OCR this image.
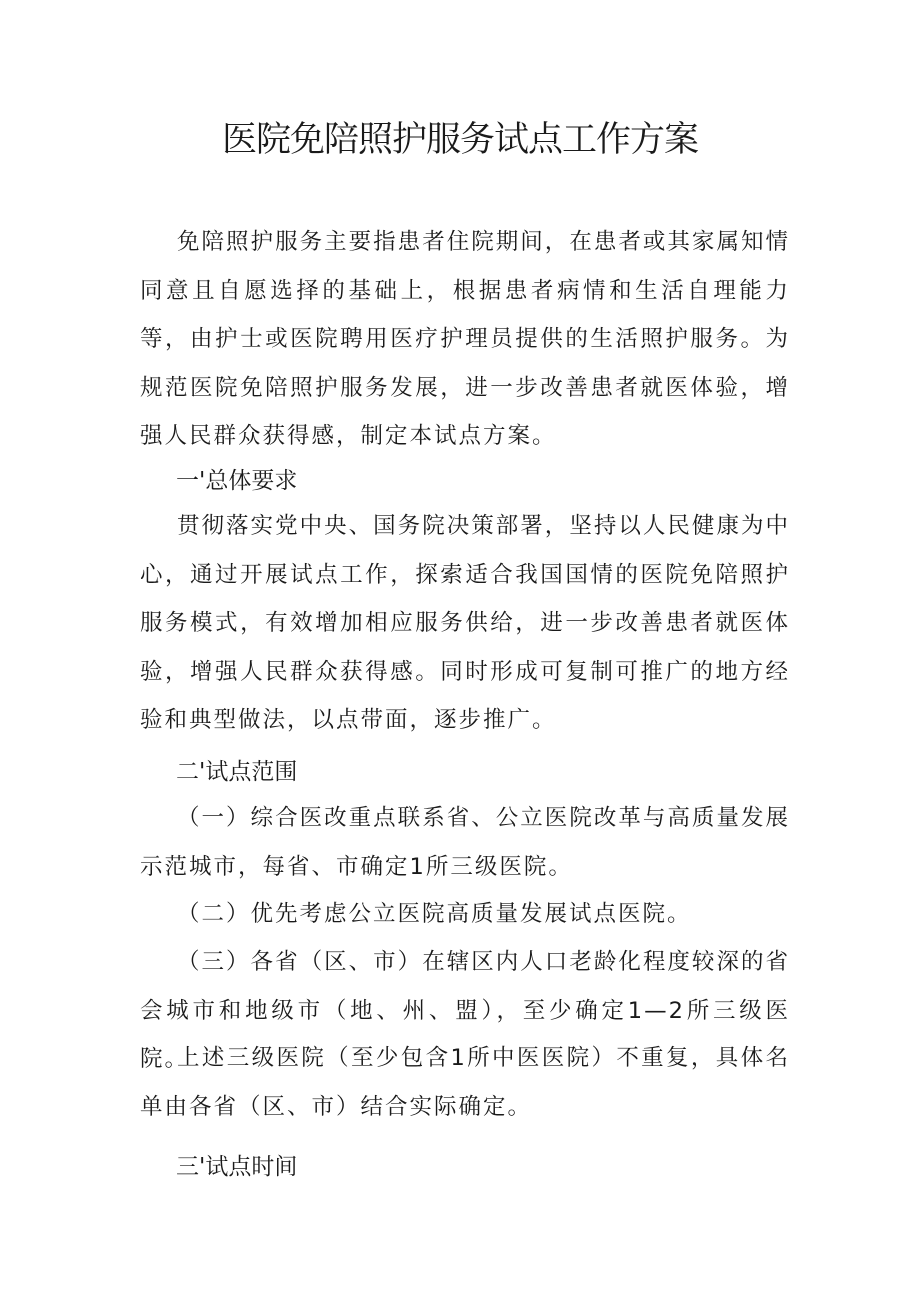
医院免陪照护服务试点工作方案

免陪照护服务主要指患者住院期间，在患者或其家属知情同意且自愿选择的基础上，根据患者病情和生活自理能力等，由护士或医院聘用医疗护理员提供的生活照护服务。为规范医院免陪照护服务发展，进一步改善患者就医体验，增强人民群众获得感，制定本试点方案。

一'总体要求

贯彻落实党中央、国务院决策部署，坚持以人民健康为中心，通过开展试点工作，探索适合我国国情的医院免陪照护服务模式，有效增加相应服务供给，进一步改善患者就医体验，增强人民群众获得感。同时形成可复制可推广的地方经验和典型做法，以点带面，逐步推广。

二'试点范围

（一）综合医改重点联系省、公立医院改革与高质量发展示范城市，每省、市确定1所三级医院。

（二）优先考虑公立医院高质量发展试点医院。

（三）各省（区、市）在辖区内人口老龄化程度较深的省会城市和地级市（地、州、盟），至少确定1—2所三级医院。

上述三级医院（至少包含1所中医医院）不重复，具体名单由各省（区、市）结合实际确定。

三'试点时间
